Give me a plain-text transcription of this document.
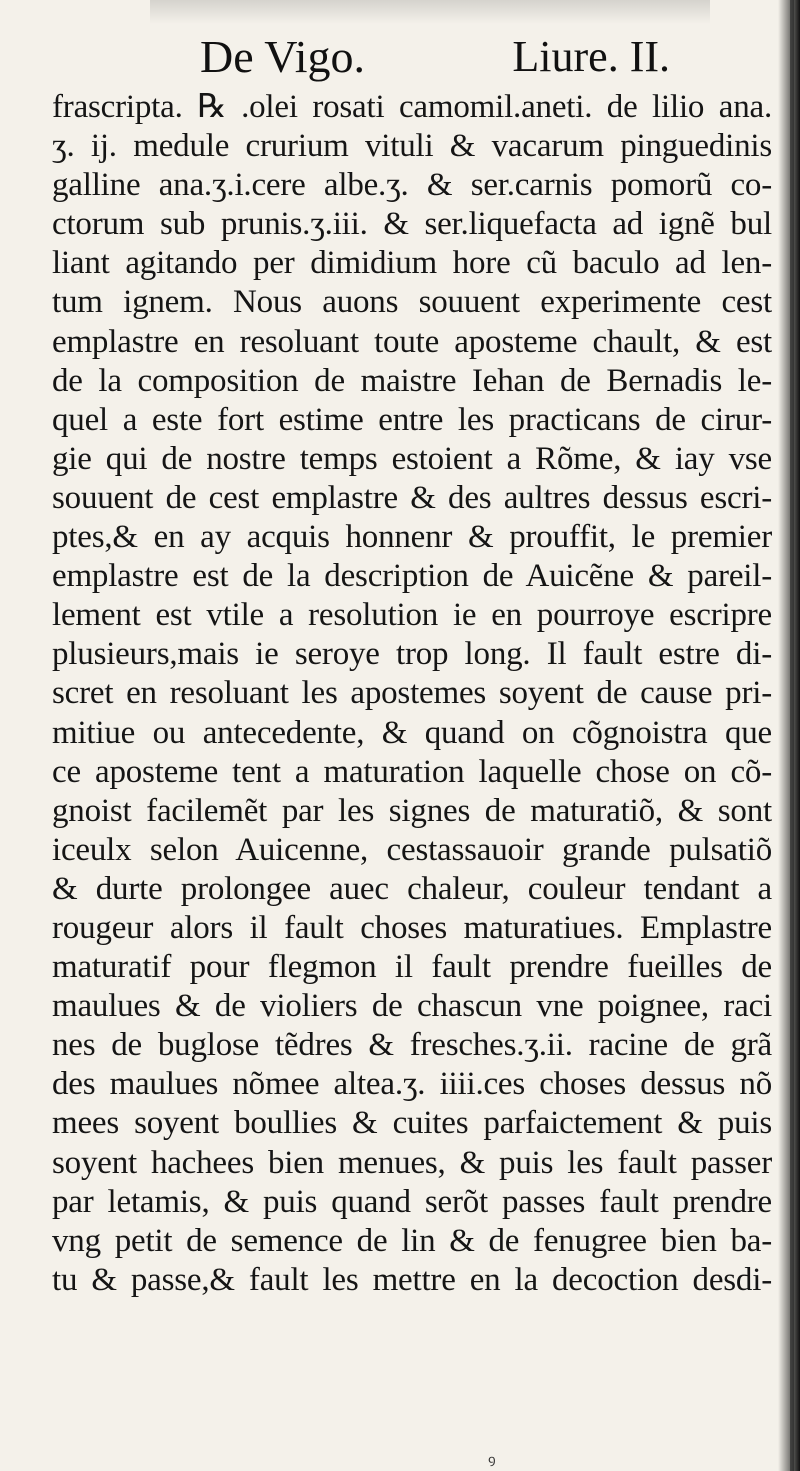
De Vigo.	Liure. II.
frascripta. ℞ .olei rosati camomil.aneti. de lilio ana.
ʒ. ij. medule crurium vituli & vacarum pinguedinis
galline ana.ʒ.i.cere albe.ʒ. & ser.carnis pomorũ co-
ctorum sub prunis.ʒ.iii. & ser.liquefacta ad ignẽ bul
liant agitando per dimidium hore cũ baculo ad len-
tum ignem. Nous auons souuent experimente cest
emplastre en resoluant toute aposteme chault, & est
de la composition de maistre Iehan de Bernadis le-
quel a este fort estime entre les practicans de cirur-
gie qui de nostre temps estoient a Rõme, & iay vse
souuent de cest emplastre & des aultres dessus escri-
ptes,& en ay acquis honnenr & prouffit, le premier
emplastre est de la description de Auicẽne & pareil-
lement est vtile a resolution ie en pourroye escripre
plusieurs,mais ie seroye trop long. Il fault estre di-
scret en resoluant les apostemes soyent de cause pri-
mitiue ou antecedente, & quand on cõgnoistra que
ce aposteme tent a maturation laquelle chose on cõ-
gnoist facilemẽt par les signes de maturatiõ, & sont
iceulx selon Auicenne, cestassauoir grande pulsatiõ
& durte prolongee auec chaleur, couleur tendant a
rougeur alors il fault choses maturatiues. Emplastre
maturatif pour flegmon il fault prendre fueilles de
maulues & de violiers de chascun vne poignee, raci
nes de buglose tẽdres & fresches.ʒ.ii. racine de grã
des maulues nõmee altea.ʒ. iiii.ces choses dessus nõ
mees soyent boullies & cuites parfaictement & puis
soyent hachees bien menues, & puis les fault passer
par letamis, & puis quand serõt passes fault prendre
vng petit de semence de lin & de fenugree bien ba-
tu & passe,& fault les mettre en la decoction desdi-
ꝰ
